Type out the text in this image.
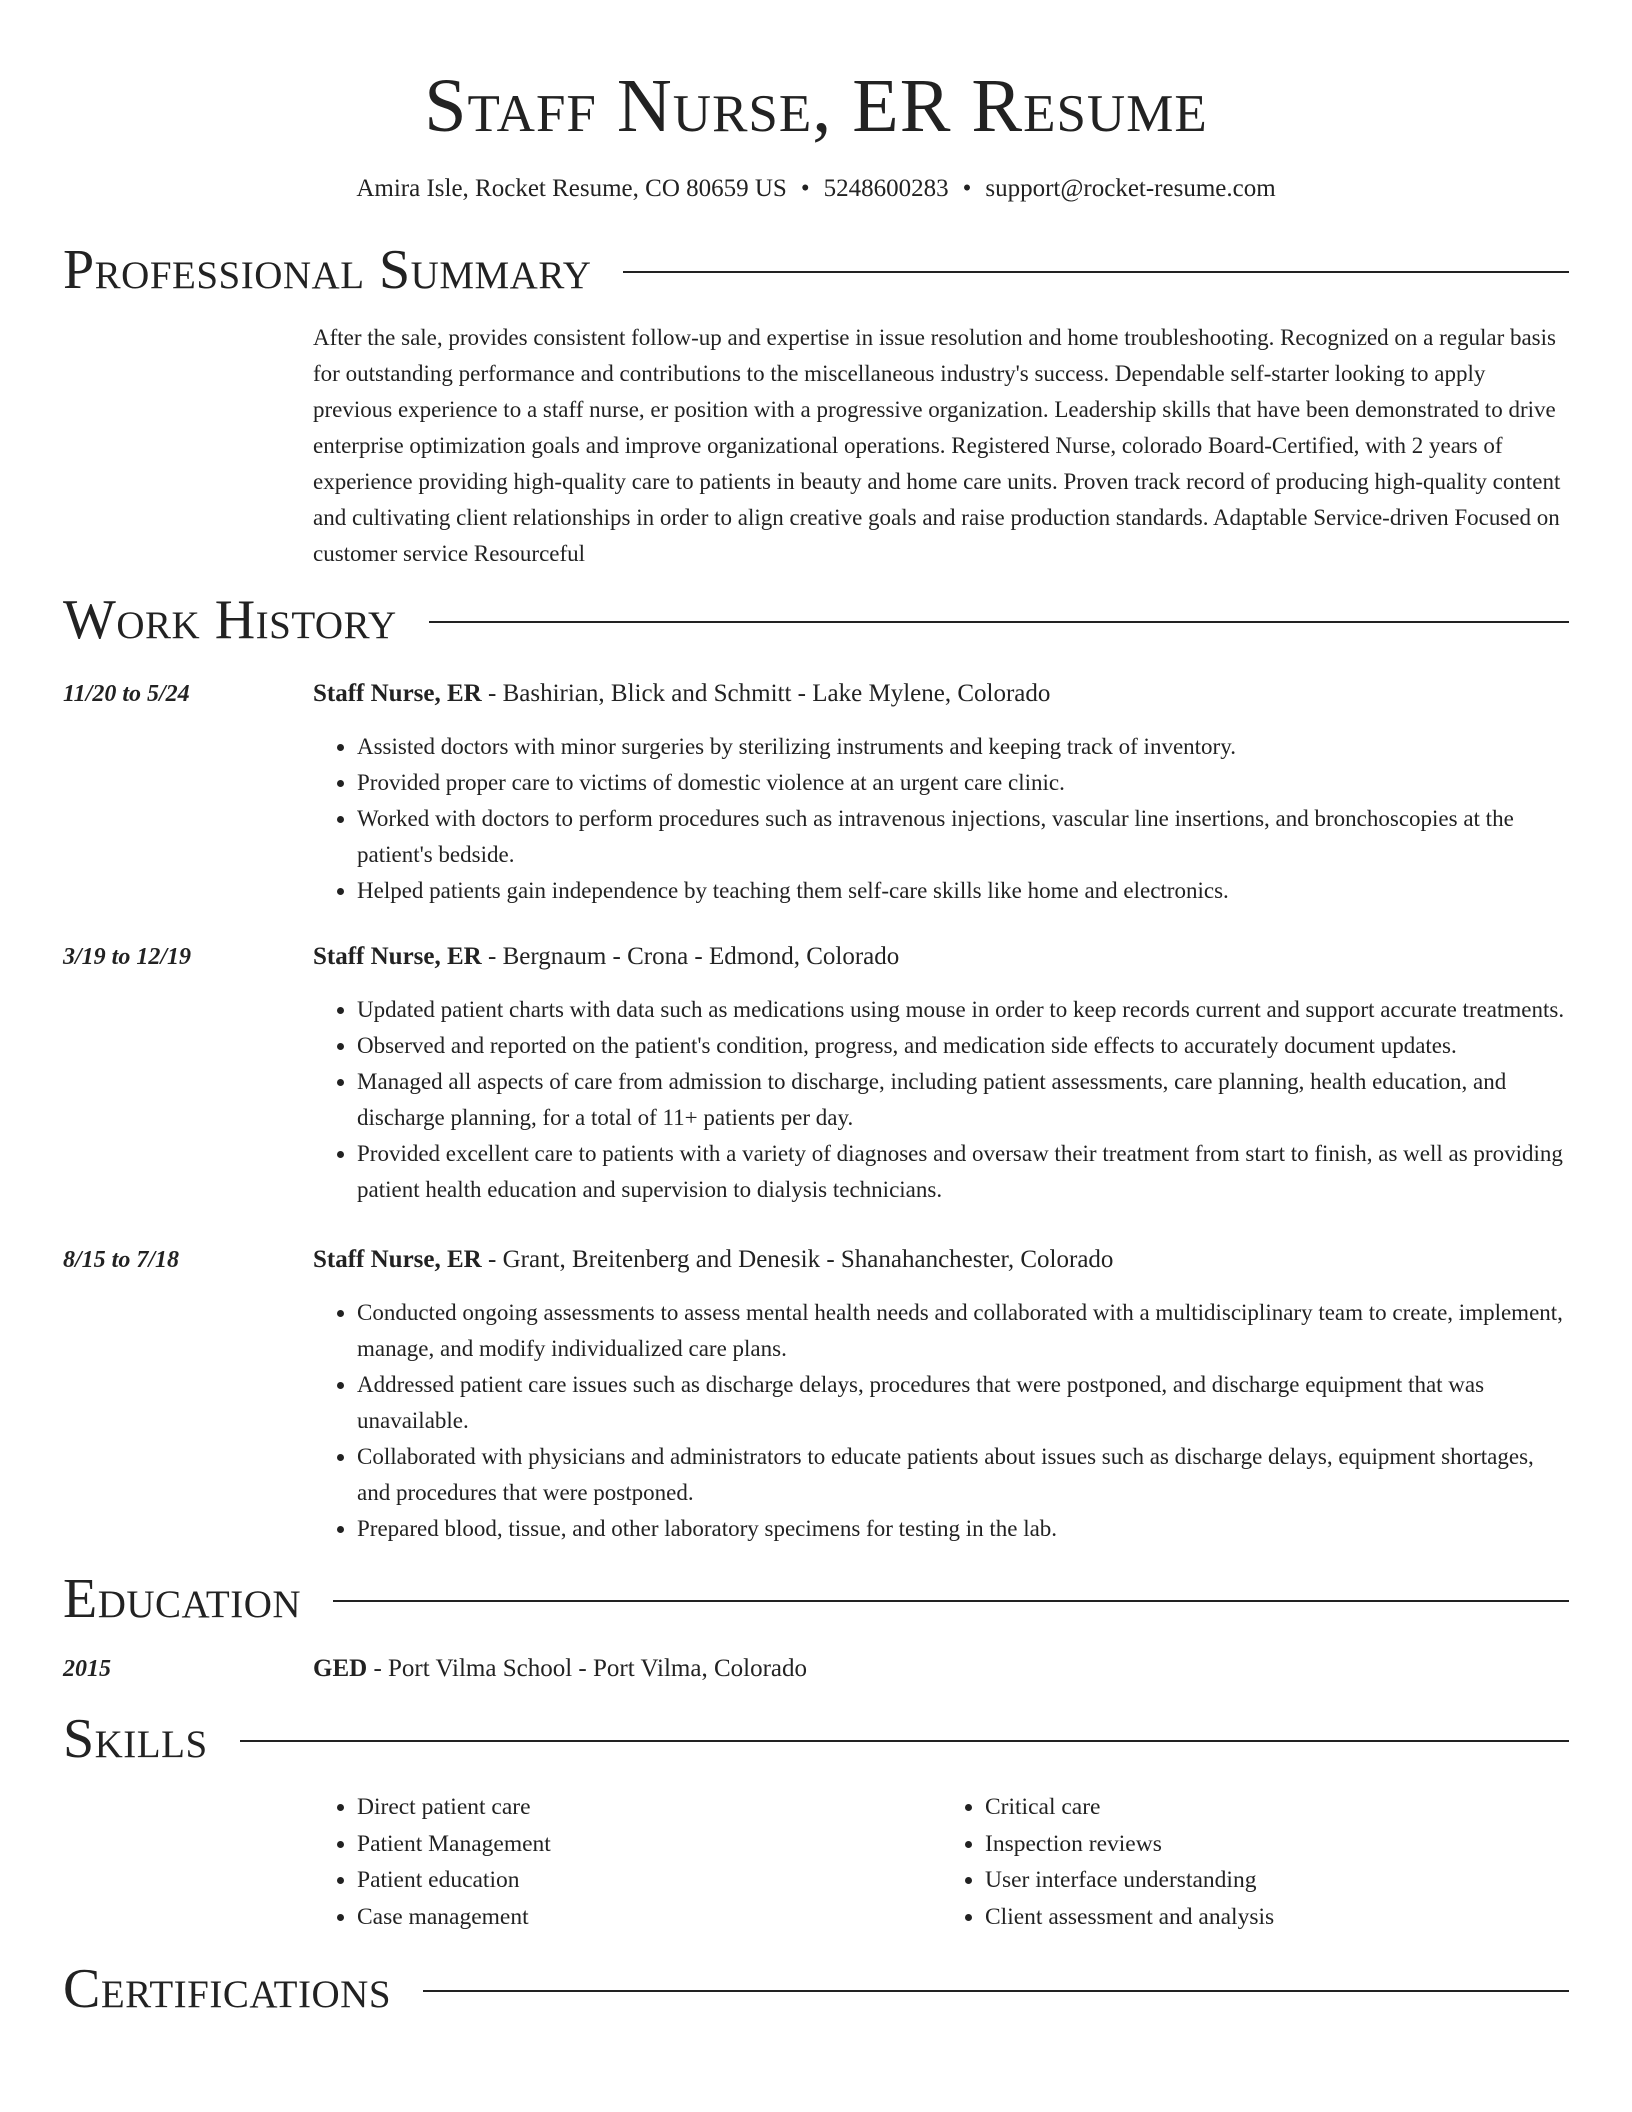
Staff Nurse, ER Resume
Amira Isle, Rocket Resume, CO 80659 US • 5248600283 • support@rocket-resume.com
Professional Summary
After the sale, provides consistent follow-up and expertise in issue resolution and home troubleshooting. Recognized on a regular basis for outstanding performance and contributions to the miscellaneous industry's success. Dependable self-starter looking to apply previous experience to a staff nurse, er position with a progressive organization. Leadership skills that have been demonstrated to drive enterprise optimization goals and improve organizational operations. Registered Nurse, colorado Board-Certified, with 2 years of experience providing high-quality care to patients in beauty and home care units. Proven track record of producing high-quality content and cultivating client relationships in order to align creative goals and raise production standards. Adaptable Service-driven Focused on customer service Resourceful
Work History
11/20 to 5/24	Staff Nurse, ER - Bashirian, Blick and Schmitt - Lake Mylene, Colorado
• Assisted doctors with minor surgeries by sterilizing instruments and keeping track of inventory.
• Provided proper care to victims of domestic violence at an urgent care clinic.
• Worked with doctors to perform procedures such as intravenous injections, vascular line insertions, and bronchoscopies at the patient's bedside.
• Helped patients gain independence by teaching them self-care skills like home and electronics.
3/19 to 12/19	Staff Nurse, ER - Bergnaum - Crona - Edmond, Colorado
• Updated patient charts with data such as medications using mouse in order to keep records current and support accurate treatments.
• Observed and reported on the patient's condition, progress, and medication side effects to accurately document updates.
• Managed all aspects of care from admission to discharge, including patient assessments, care planning, health education, and discharge planning, for a total of 11+ patients per day.
• Provided excellent care to patients with a variety of diagnoses and oversaw their treatment from start to finish, as well as providing patient health education and supervision to dialysis technicians.
8/15 to 7/18	Staff Nurse, ER - Grant, Breitenberg and Denesik - Shanahanchester, Colorado
• Conducted ongoing assessments to assess mental health needs and collaborated with a multidisciplinary team to create, implement, manage, and modify individualized care plans.
• Addressed patient care issues such as discharge delays, procedures that were postponed, and discharge equipment that was unavailable.
• Collaborated with physicians and administrators to educate patients about issues such as discharge delays, equipment shortages, and procedures that were postponed.
• Prepared blood, tissue, and other laboratory specimens for testing in the lab.
Education
2015	GED - Port Vilma School - Port Vilma, Colorado
Skills
• Direct patient care
• Patient Management
• Patient education
• Case management
• Critical care
• Inspection reviews
• User interface understanding
• Client assessment and analysis
Certifications
